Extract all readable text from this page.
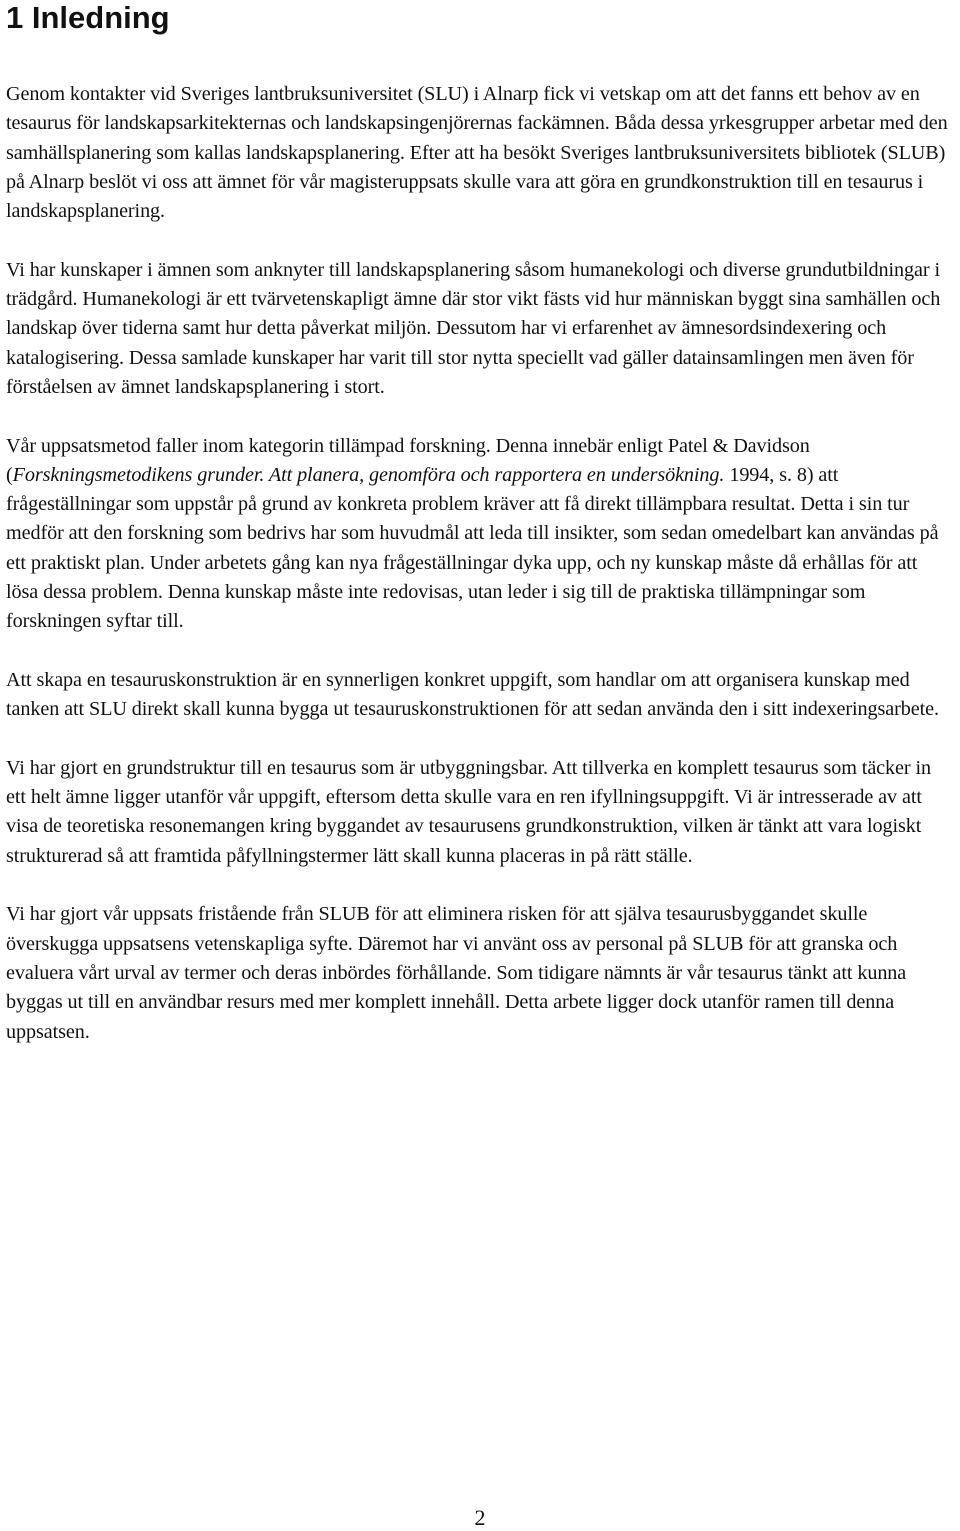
1 Inledning

Genom kontakter vid Sveriges lantbruksuniversitet (SLU) i Alnarp fick vi vetskap om att det fanns ett behov av en tesaurus för landskapsarkitekternas och landskapsingenjörernas fackämnen. Båda dessa yrkesgrupper arbetar med den samhällsplanering som kallas landskapsplanering. Efter att ha besökt Sveriges lantbruksuniversitets bibliotek (SLUB) på Alnarp beslöt vi oss att ämnet för vår magisteruppsats skulle vara att göra en grundkonstruktion till en tesaurus i landskapsplanering.

Vi har kunskaper i ämnen som anknyter till landskapsplanering såsom humanekologi och diverse grundutbildningar i trädgård. Humanekologi är ett tvärvetenskapligt ämne där stor vikt fästs vid hur människan byggt sina samhällen och landskap över tiderna samt hur detta påverkat miljön. Dessutom har vi erfarenhet av ämnesordsindexering och katalogisering. Dessa samlade kunskaper har varit till stor nytta speciellt vad gäller datainsamlingen men även för förståelsen av ämnet landskapsplanering i stort.

Vår uppsatsmetod faller inom kategorin tillämpad forskning. Denna innebär enligt Patel & Davidson (Forskningsmetodikens grunder. Att planera, genomföra och rapportera en undersökning. 1994, s. 8) att frågeställningar som uppstår på grund av konkreta problem kräver att få direkt tillämpbara resultat. Detta i sin tur medför att den forskning som bedrivs har som huvudmål att leda till insikter, som sedan omedelbart kan användas på ett praktiskt plan. Under arbetets gång kan nya frågeställningar dyka upp, och ny kunskap måste då erhållas för att lösa dessa problem. Denna kunskap måste inte redovisas, utan leder i sig till de praktiska tillämpningar som forskningen syftar till.

Att skapa en tesauruskonstruktion är en synnerligen konkret uppgift, som handlar om att organisera kunskap med tanken att SLU direkt skall kunna bygga ut tesauruskonstruktionen för att sedan använda den i sitt indexeringsarbete.

Vi har gjort en grundstruktur till en tesaurus som är utbyggningsbar. Att tillverka en komplett tesaurus som täcker in ett helt ämne ligger utanför vår uppgift, eftersom detta skulle vara en ren ifyllningsuppgift. Vi är intresserade av att visa de teoretiska resonemangen kring byggandet av tesaurusens grundkonstruktion, vilken är tänkt att vara logiskt strukturerad så att framtida påfyllningstermer lätt skall kunna placeras in på rätt ställe.

Vi har gjort vår uppsats fristående från SLUB för att eliminera risken för att själva tesaurusbyggandet skulle överskugga uppsatsens vetenskapliga syfte. Däremot har vi använt oss av personal på SLUB för att granska och evaluera vårt urval av termer och deras inbördes förhållande. Som tidigare nämnts är vår tesaurus tänkt att kunna byggas ut till en användbar resurs med mer komplett innehåll. Detta arbete ligger dock utanför ramen till denna uppsatsen.

2
